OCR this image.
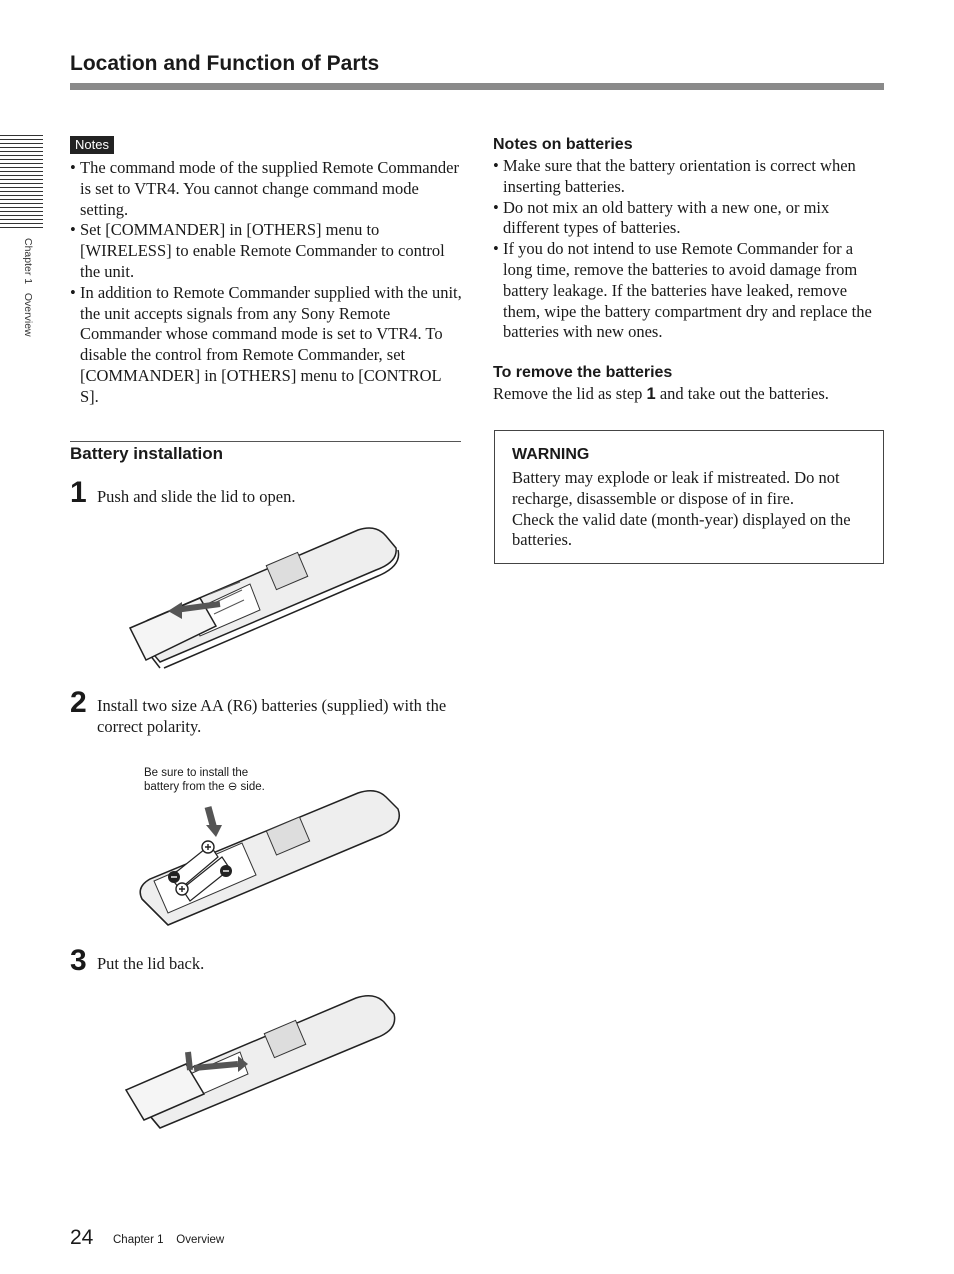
Location and Function of Parts
Chapter 1   Overview
Notes
• The command mode of the supplied Remote Commander is set to VTR4. You cannot change command mode setting.
• Set [COMMANDER] in [OTHERS] menu to [WIRELESS] to enable Remote Commander to control the unit.
• In addition to Remote Commander supplied with the unit, the unit accepts signals from any Sony Remote Commander whose command mode is set to VTR4. To disable the control from Remote Commander, set [COMMANDER] in [OTHERS] menu to [CONTROL S].
Battery installation
1 Push and slide the lid to open.
2 Install two size AA (R6) batteries (supplied) with the correct polarity.
Be sure to install the
battery from the ⊖ side.
3 Put the lid back.
Notes on batteries
• Make sure that the battery orientation is correct when inserting batteries.
• Do not mix an old battery with a new one, or mix different types of batteries.
• If you do not intend to use Remote Commander for a long time, remove the batteries to avoid damage from battery leakage. If the batteries have leaked, remove them, wipe the battery compartment dry and replace the batteries with new ones.
To remove the batteries
Remove the lid as step 1 and take out the batteries.
WARNING
Battery may explode or leak if mistreated. Do not recharge, disassemble or dispose of in fire.
Check the valid date (month-year) displayed on the batteries.
24 Chapter 1    Overview
